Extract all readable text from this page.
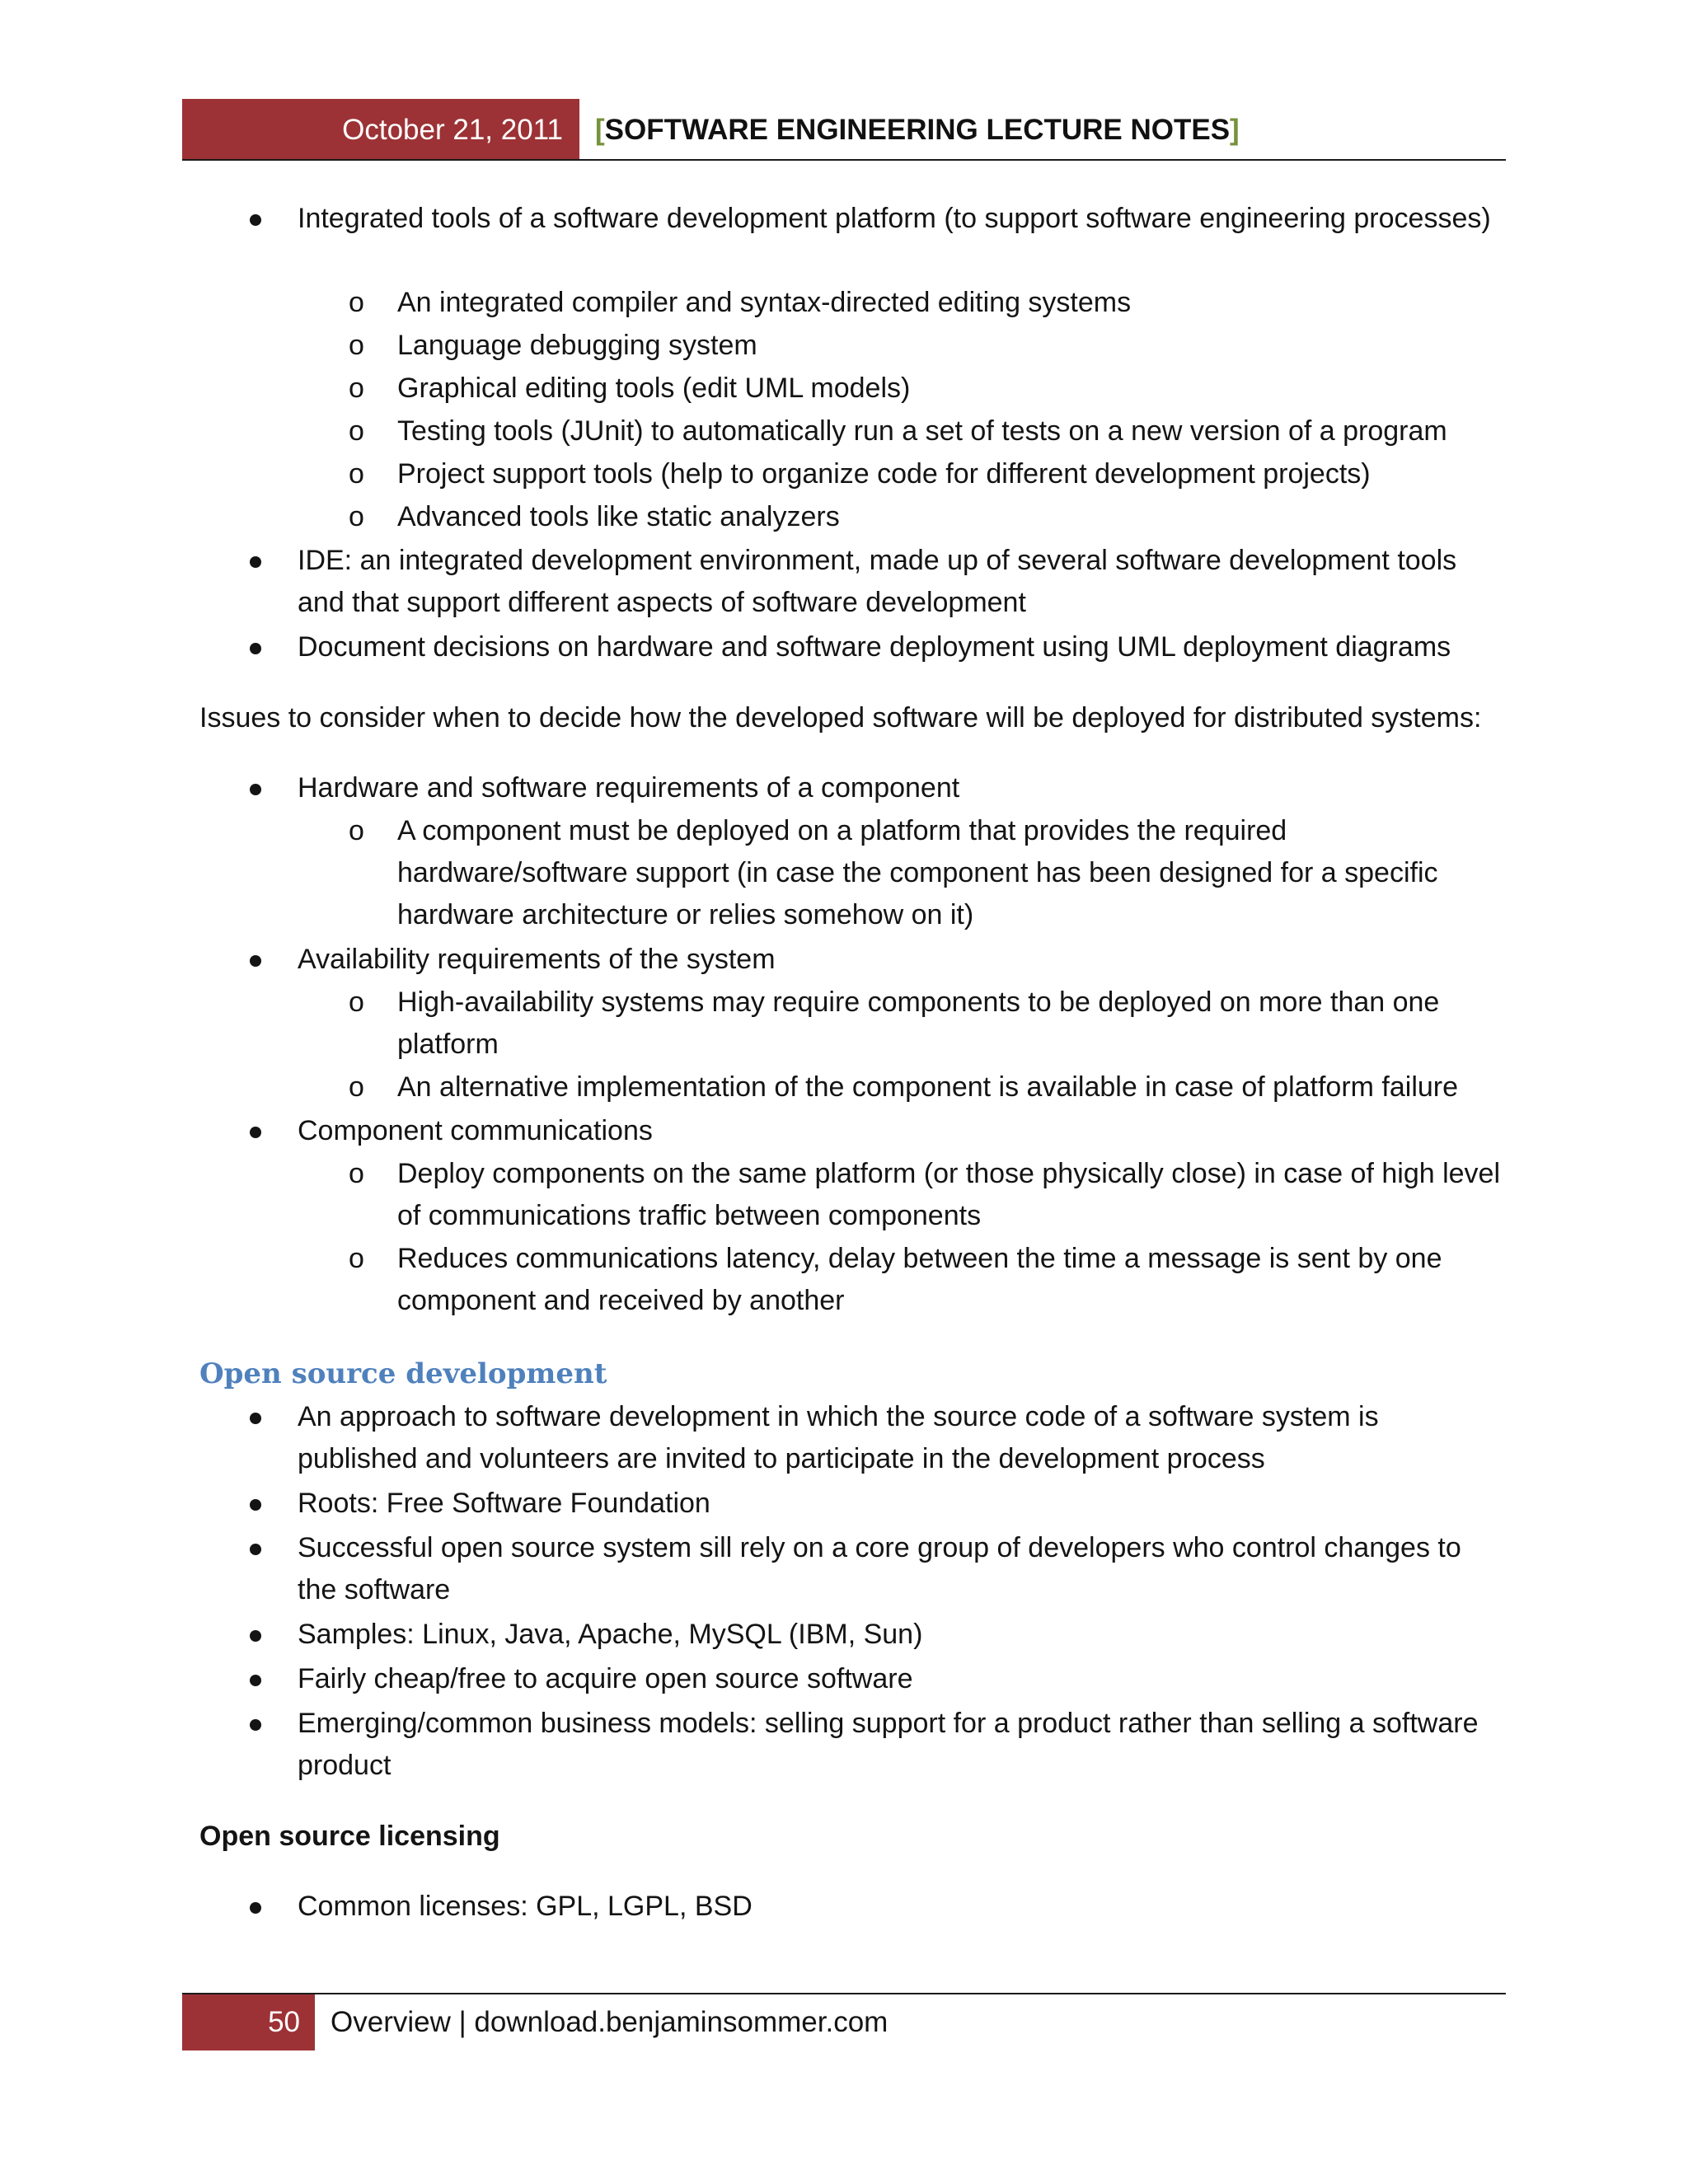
October 21, 2011 [SOFTWARE ENGINEERING LECTURE NOTES]
Integrated tools of a software development platform (to support software engineering processes)
o An integrated compiler and syntax-directed editing systems
o Language debugging system
o Graphical editing tools (edit UML models)
o Testing tools (JUnit) to automatically run a set of tests on a new version of a program
o Project support tools (help to organize code for different development projects)
o Advanced tools like static analyzers
IDE: an integrated development environment, made up of several software development tools and that support different aspects of software development
Document decisions on hardware and software deployment using UML deployment diagrams
Issues to consider when to decide how the developed software will be deployed for distributed systems:
Hardware and software requirements of a component
o A component must be deployed on a platform that provides the required hardware/software support (in case the component has been designed for a specific hardware architecture or relies somehow on it)
Availability requirements of the system
o High-availability systems may require components to be deployed on more than one platform
o An alternative implementation of the component is available in case of platform failure
Component communications
o Deploy components on the same platform (or those physically close) in case of high level of communications traffic between components
o Reduces communications latency, delay between the time a message is sent by one component and received by another
Open source development
An approach to software development in which the source code of a software system is published and volunteers are invited to participate in the development process
Roots: Free Software Foundation
Successful open source system sill rely on a core group of developers who control changes to the software
Samples: Linux, Java, Apache, MySQL (IBM, Sun)
Fairly cheap/free to acquire open source software
Emerging/common business models: selling support for a product rather than selling a software product
Open source licensing
Common licenses: GPL, LGPL, BSD
50 Overview | download.benjaminsommer.com
